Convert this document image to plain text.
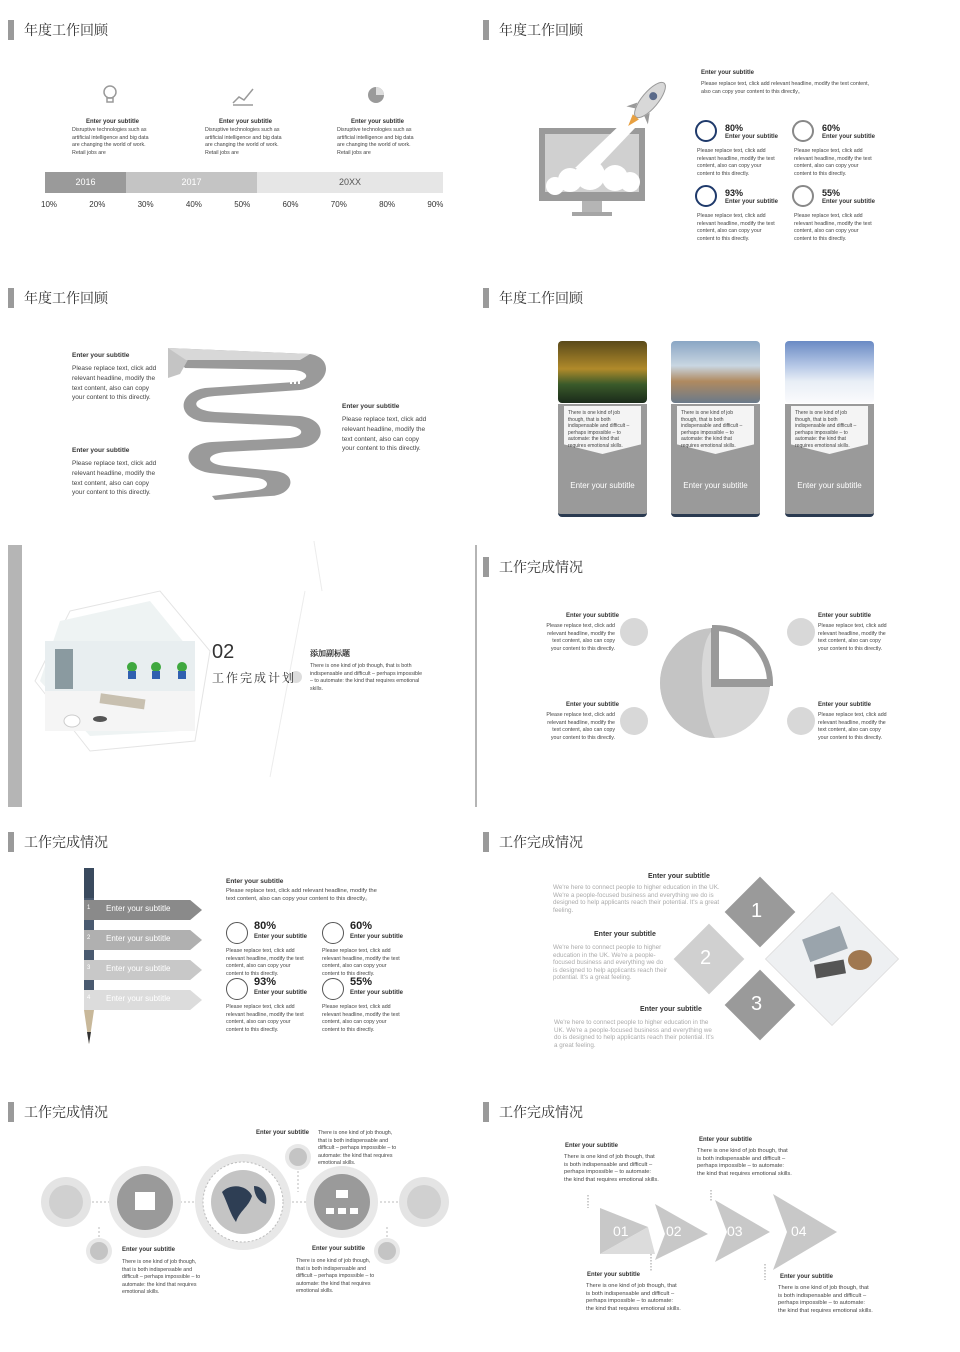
年度工作回顾
Enter your subtitle
Disruptive technologies such as artificial intelligence and big data are changing the world of work. Retail jobs are
Enter your subtitle
Disruptive technologies such as artificial intelligence and big data are changing the world of work. Retail jobs are
Enter your subtitle
Disruptive technologies such as artificial intelligence and big data are changing the world of work. Retail jobs are
2016	2017	20XX
10%	20%	30%	40%	50%	60%	70%	80%	90%
年度工作回顾
Enter your subtitle
Please replace text, click add relevant headline, modify the text content, also can copy your content to this directly。
80%
Enter your subtitle
Please replace text, click add relevant headline, modify the text content, also can copy your content to this directly.
60%
Enter your subtitle
Please replace text, click add relevant headline, modify the text content, also can copy your content to this directly.
93%
Enter your subtitle
Please replace text, click add relevant headline, modify the text content, also can copy your content to this directly.
55%
Enter your subtitle
Please replace text, click add relevant headline, modify the text content, also can copy your content to this directly.
年度工作回顾
Enter your subtitle
Please replace text, click add relevant headline, modify the text content, also can copy your content to this directly.
Enter your subtitle
Please replace text, click add relevant headline, modify the text content, also can copy your content to this directly.
Enter your subtitle
Please replace text, click add relevant headline, modify the text content, also can copy your content to this directly.
年度工作回顾
There is one kind of job though, that is both indispensable and difficult – perhaps impossible – to automate: the kind that requires emotional skills.
Enter your subtitle
There is one kind of job though, that is both indispensable and difficult – perhaps impossible – to automate: the kind that requires emotional skills.
Enter your subtitle
There is one kind of job though, that is both indispensable and difficult – perhaps impossible – to automate: the kind that requires emotional skills.
Enter your subtitle
02
工作完成计划
添加副标题
There is one kind of job though, that is both indispensable and difficult – perhaps impossible – to automate: the kind that requires emotional skills.
工作完成情况
Enter your subtitle
Please replace text, click add relevant headline, modify the text content, also can copy your content to this directly.
Enter your subtitle
Please replace text, click add relevant headline, modify the text content, also can copy your content to this directly.
Enter your subtitle
Please replace text, click add relevant headline, modify the text content, also can copy your content to this directly.
Enter your subtitle
Please replace text, click add relevant headline, modify the text content, also can copy your content to this directly.
工作完成情况
1 Enter your subtitle
2 Enter your subtitle
3 Enter your subtitle
4 Enter your subtitle
Enter your subtitle
Please replace text, click add relevant headline, modify the text content, also can copy your content to this directly。
80%
Enter your subtitle
Please replace text, click add relevant headline, modify the text content, also can copy your content to this directly.
60%
Enter your subtitle
Please replace text, click add relevant headline, modify the text content, also can copy your content to this directly.
93%
Enter your subtitle
Please replace text, click add relevant headline, modify the text content, also can copy your content to this directly.
55%
Enter your subtitle
Please replace text, click add relevant headline, modify the text content, also can copy your content to this directly.
工作完成情况
1
2
3
Enter your subtitle
We're here to connect people to higher education in the UK. We're a people-focused business and everything we do is designed to help applicants reach their potential. It's a great feeling.
Enter your subtitle
We're here to connect people to higher education in the UK. We're a people-focused business and everything we do is designed to help applicants reach their potential. It's a great feeling.
Enter your subtitle
We're here to connect people to higher education in the UK. We're a people-focused business and everything we do is designed to help applicants reach their potential. It's a great feeling.
工作完成情况
Enter your subtitle There is one kind of job though, that is both indispensable and difficult – perhaps impossible – to automate: the kind that requires emotional skills.
Enter your subtitle
There is one kind of job though, that is both indispensable and difficult – perhaps impossible – to automate: the kind that requires emotional skills.
Enter your subtitle
There is one kind of job though, that is both indispensable and difficult – perhaps impossible – to automate: the kind that requires emotional skills.
工作完成情况
01	02	03	04
Enter your subtitle
There is one kind of job though, that is both indispensable and difficult – perhaps impossible – to automate: the kind that requires emotional skills.
Enter your subtitle
There is one kind of job though, that is both indispensable and difficult – perhaps impossible – to automate: the kind that requires emotional skills.
Enter your subtitle
There is one kind of job though, that is both indispensable and difficult – perhaps impossible – to automate: the kind that requires emotional skills.
Enter your subtitle
There is one kind of job though, that is both indispensable and difficult – perhaps impossible – to automate: the kind that requires emotional skills.
